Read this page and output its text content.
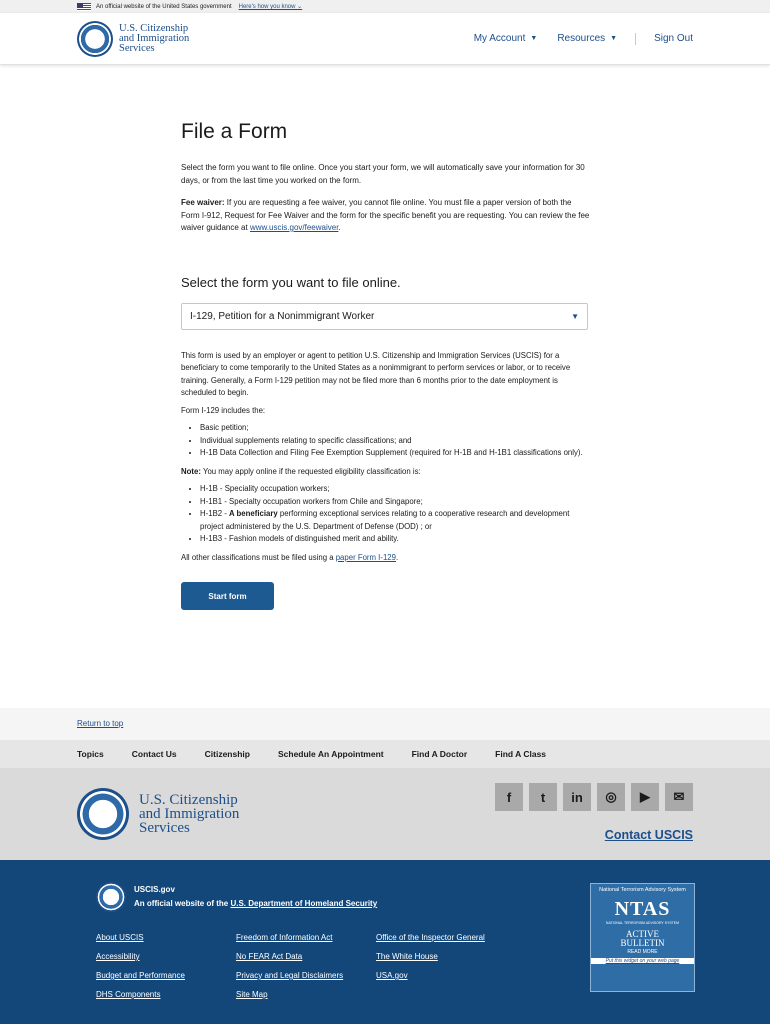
An official website of the United States government Here's how you know ⌄
✦
U.S. Citizenship
and Immigration
Services
My Account ▼ Resources ▼	Sign Out
File a Form
Select the form you want to file online. Once you start your form, we will automatically save your information for 30 days, or from the last time you worked on the form.
Fee waiver: If you are requesting a fee waiver, you cannot file online. You must file a paper version of both the Form I-912, Request for Fee Waiver and the form for the specific benefit you are requesting. You can review the fee waiver guidance at www.uscis.gov/feewaiver.
Select the form you want to file online.
I-129, Petition for a Nonimmigrant Worker	▼

This form is used by an employer or agent to petition U.S. Citizenship and Immigration Services (USCIS) for a beneficiary to come temporarily to the United States as a nonimmigrant to perform services or labor, or to receive training. Generally, a Form I-129 petition may not be filed more than 6 months prior to the date employment is scheduled to begin.

Form I-129 includes the:

• Basic petition;
• Individual supplements relating to specific classifications; and
• H-1B Data Collection and Filing Fee Exemption Supplement (required for H-1B and H-1B1 classifications only).

Note: You may apply online if the requested eligibility classification is:

• H-1B - Speciality occupation workers;
• H-1B1 - Specialty occupation workers from Chile and Singapore;
• H-1B2 - A beneficiary performing exceptional services relating to a cooperative research and development project administered by the U.S. Department of Defense (DOD) ; or
• H-1B3 - Fashion models of distinguished merit and ability.

All other classifications must be filed using a paper Form I-129.

Start form
Return to top
Topics	Contact Us	Citizenship	Schedule An Appointment	Find A Doctor	Find A Class
✦
U.S. Citizenship
and Immigration
Services
f	t	in	◎	▶	✉
Contact USCIS
✦	USCIS.gov
An official website of the U.S. Department of Homeland Security
About USCIS	Freedom of Information Act	Office of the Inspector General
Accessibility	No FEAR Act Data	The White House
Budget and Performance	Privacy and Legal Disclaimers	USA.gov
DHS Components	Site Map
National Terrorism Advisory System
NTAS
NATIONAL TERRORISM ADVISORY SYSTEM
ACTIVE
BULLETIN
READ MORE
Put this widget on your web page
